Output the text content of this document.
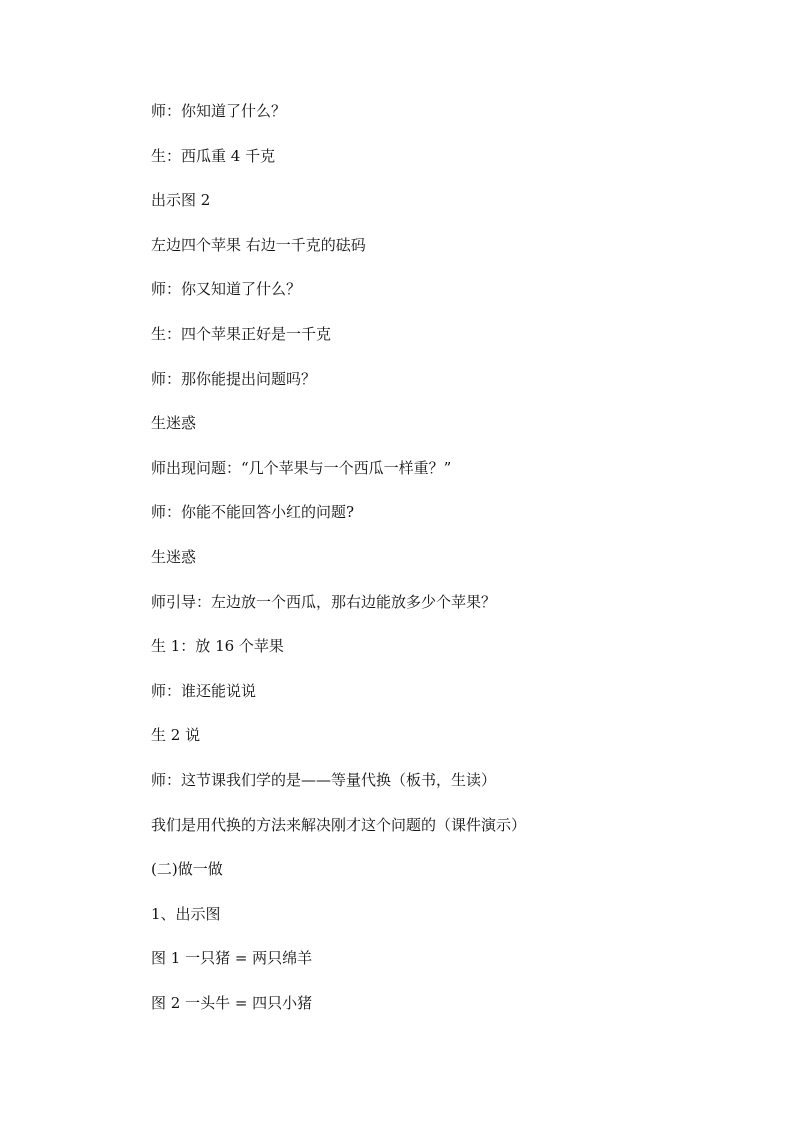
师：你知道了什么？
生：西瓜重 4 千克
出示图 2
左边四个苹果 右边一千克的砝码
师：你又知道了什么？
生：四个苹果正好是一千克
师：那你能提出问题吗？
生迷惑
师出现问题：“几个苹果与一个西瓜一样重？”
师：你能不能回答小红的问题?
生迷惑
师引导：左边放一个西瓜，那右边能放多少个苹果？
生 1：放 16 个苹果
师：谁还能说说
生 2 说
师：这节课我们学的是——等量代换（板书，生读）
我们是用代换的方法来解决刚才这个问题的（课件演示）
(二)做一做
1、出示图
图 1 一只猪 = 两只绵羊
图 2 一头牛 = 四只小猪
